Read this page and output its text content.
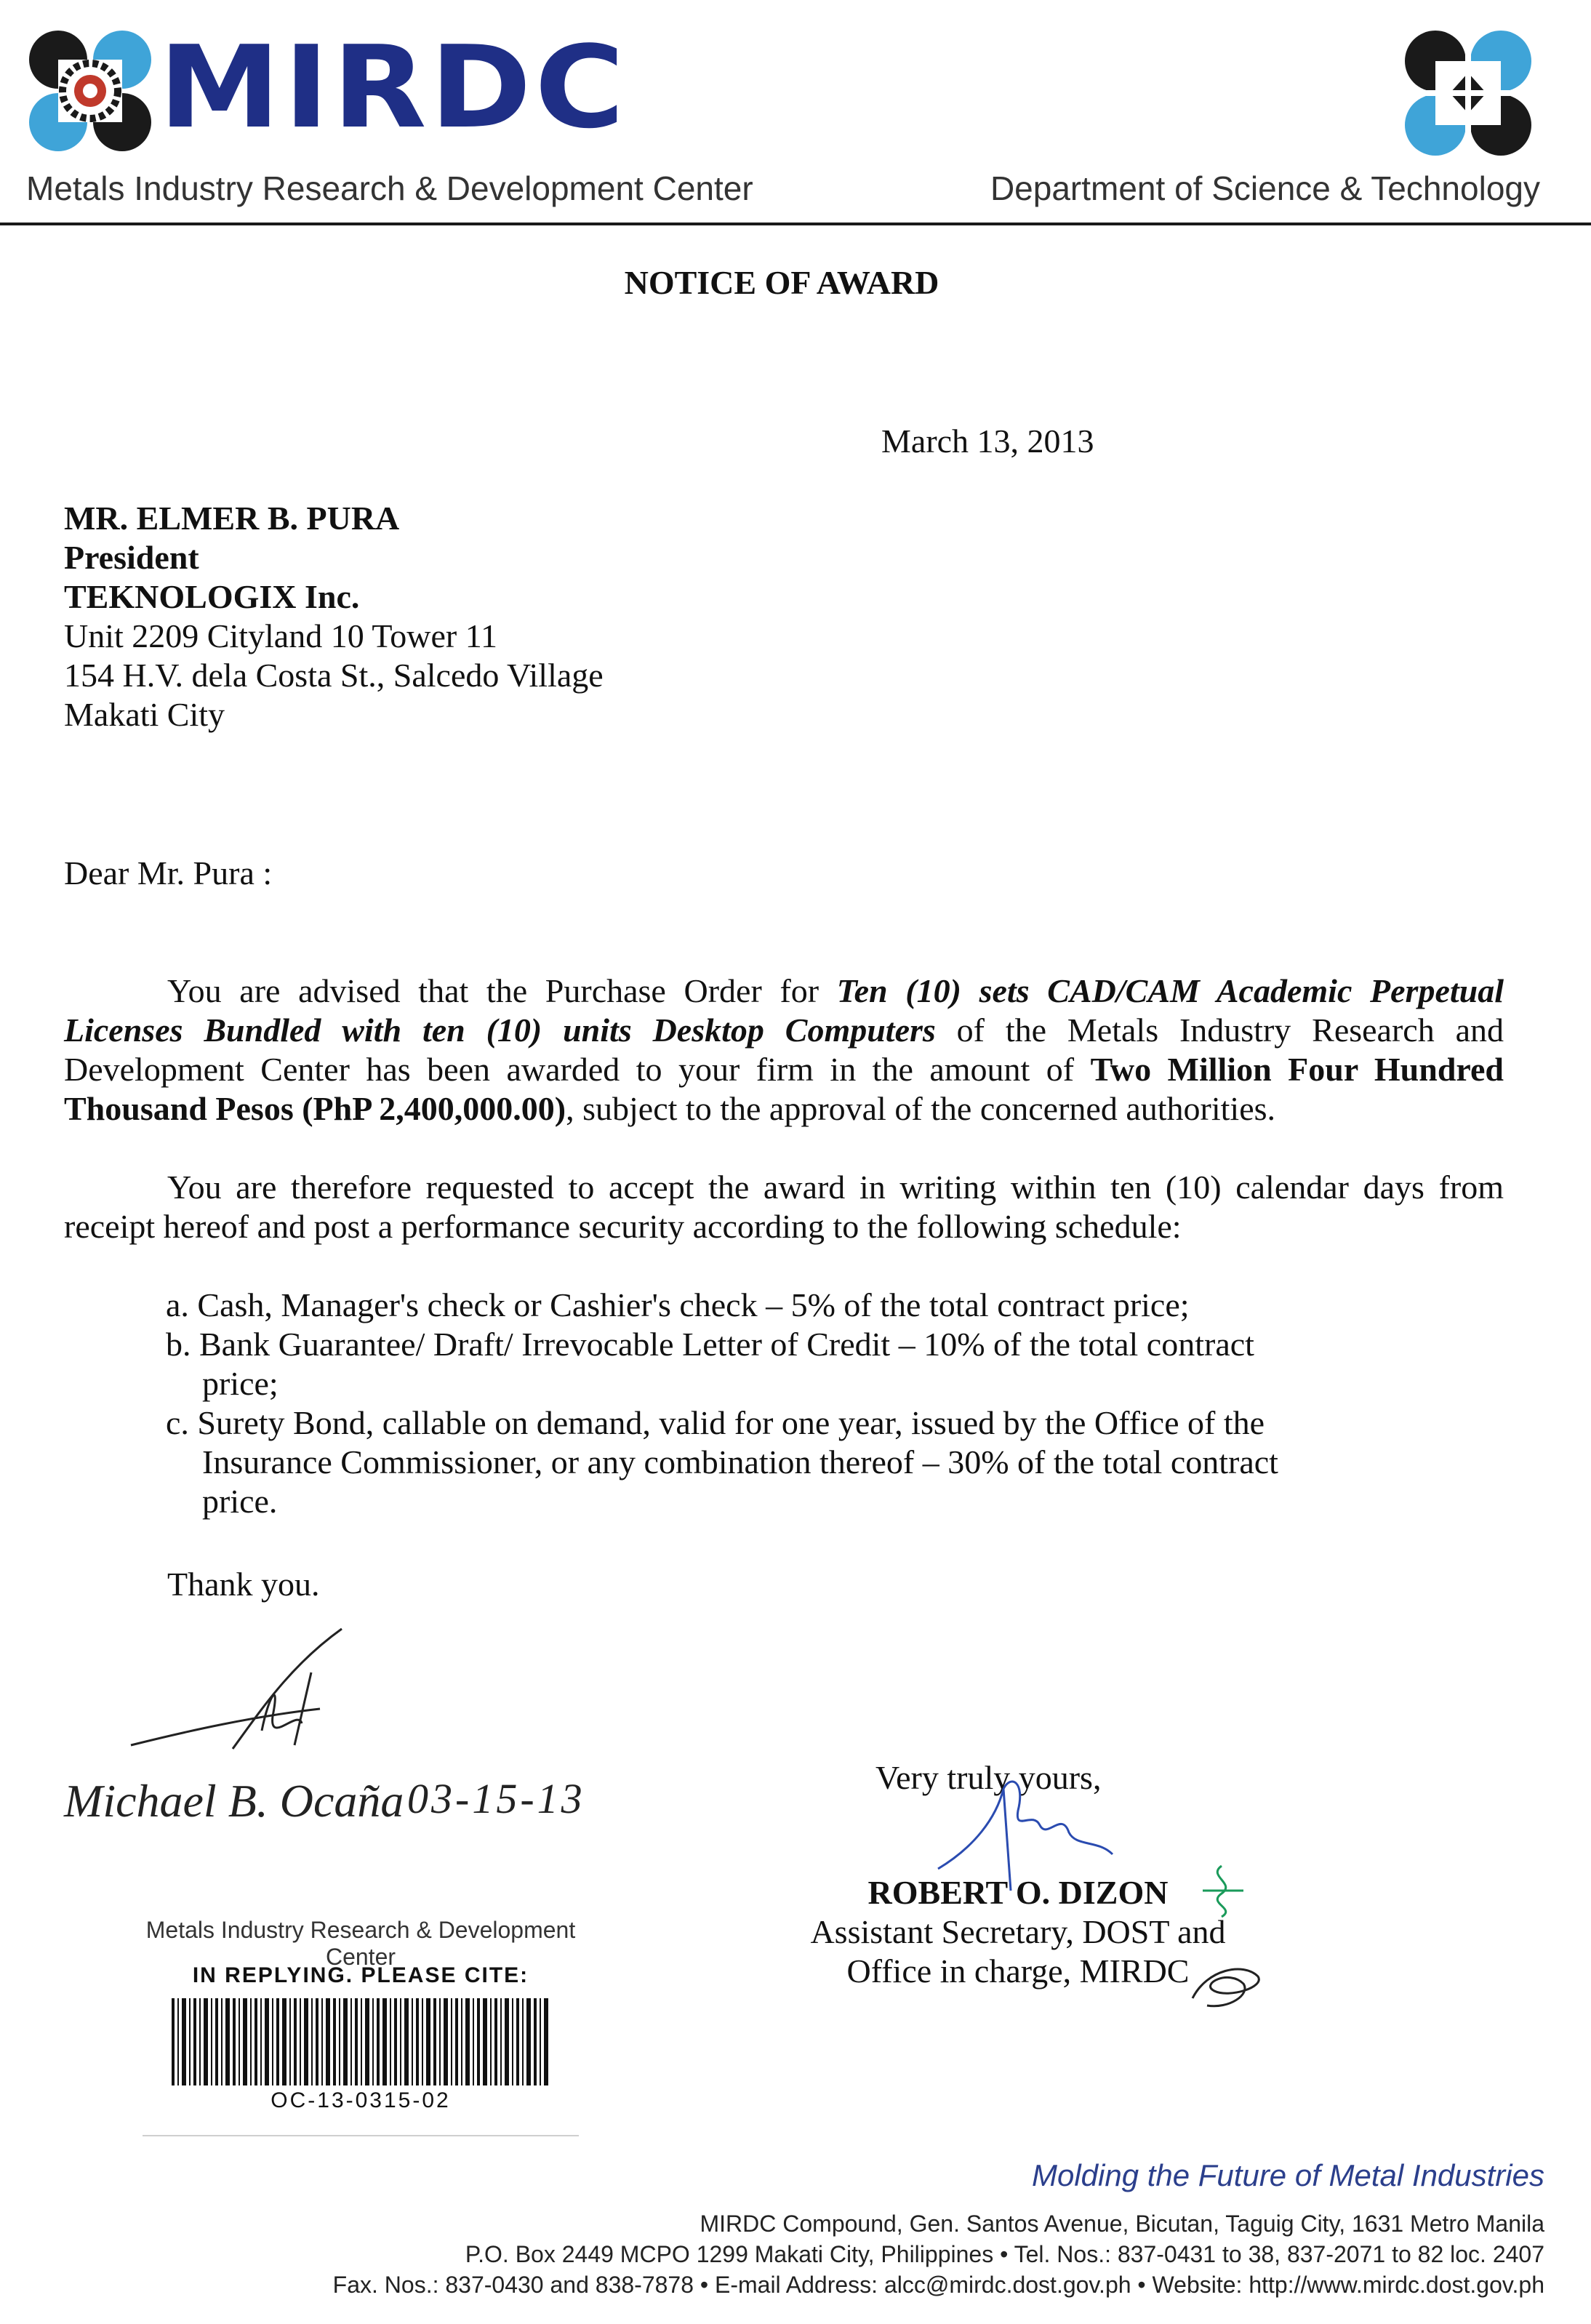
MIRDC
Metals Industry Research & Development Center	Department of Science & Technology
NOTICE OF AWARD
March 13, 2013
MR. ELMER B. PURA
President
TEKNOLOGIX Inc.
Unit 2209 Cityland 10 Tower 11
154 H.V. dela Costa St., Salcedo Village
Makati City
Dear Mr. Pura :
You are advised that the Purchase Order for Ten (10) sets CAD/CAM Academic Perpetual Licenses Bundled with ten (10) units Desktop Computers of the Metals Industry Research and Development Center has been awarded to your firm in the amount of Two Million Four Hundred Thousand Pesos (PhP 2,400,000.00), subject to the approval of the concerned authorities.
You are therefore requested to accept the award in writing within ten (10) calendar days from receipt hereof and post a performance security according to the following schedule:
a. Cash, Manager's check or Cashier's check – 5% of the total contract price;
b. Bank Guarantee/ Draft/ Irrevocable Letter of Credit – 10% of the total contract price;
c. Surety Bond, callable on demand, valid for one year, issued by the Office of the Insurance Commissioner, or any combination thereof – 30% of the total contract price.
Thank you.
Michael B. Ocaña 03-15-13	Very truly yours,
ROBERT O. DIZON
Assistant Secretary, DOST and
Office in charge, MIRDC
Metals Industry Research & Development Center
IN REPLYING. PLEASE CITE:
OC-13-0315-02
Molding the Future of Metal Industries
MIRDC Compound, Gen. Santos Avenue, Bicutan, Taguig City, 1631 Metro Manila
P.O. Box 2449 MCPO 1299 Makati City, Philippines • Tel. Nos.: 837-0431 to 38, 837-2071 to 82 loc. 2407
Fax. Nos.: 837-0430 and 838-7878 • E-mail Address: alcc@mirdc.dost.gov.ph • Website: http://www.mirdc.dost.gov.ph
